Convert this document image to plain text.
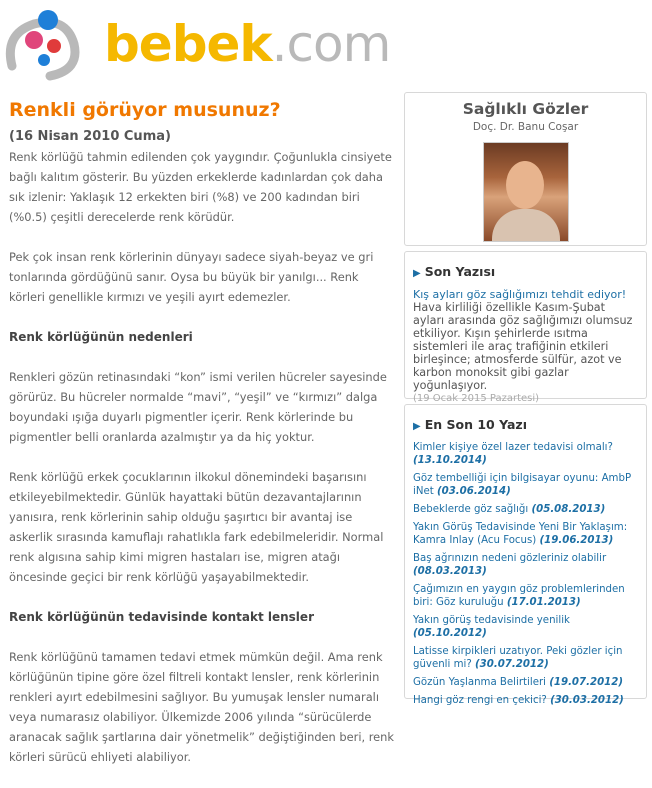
bebek.com
Renkli görüyor musunuz?
(16 Nisan 2010 Cuma)

Renk körlüğü tahmin edilenden çok yaygındır. Çoğunlukla cinsiyete bağlı kalıtım gösterir. Bu yüzden erkeklerde kadınlardan çok daha sık izlenir: Yaklaşık 12 erkekten biri (%8) ve 200 kadından biri (%0.5) çeşitli derecelerde renk körüdür.

Pek çok insan renk körlerinin dünyayı sadece siyah-beyaz ve gri tonlarında gördüğünü sanır. Oysa bu büyük bir yanılgı... Renk körleri genellikle kırmızı ve yeşili ayırt edemezler.

Renk körlüğünün nedenleri

Renkleri gözün retinasındaki “kon” ismi verilen hücreler sayesinde görürüz. Bu hücreler normalde “mavi”, “yeşil” ve “kırmızı” dalga boyundaki ışığa duyarlı pigmentler içerir. Renk körlerinde bu pigmentler belli oranlarda azalmıştır ya da hiç yoktur.

Renk körlüğü erkek çocuklarının ilkokul dönemindeki başarısını etkileyebilmektedir. Günlük hayattaki bütün dezavantajlarının yanısıra, renk körlerinin sahip olduğu şaşırtıcı bir avantaj ise askerlik sırasında kamuflajı rahatlıkla fark edebilmeleridir. Normal renk algısına sahip kimi migren hastaları ise, migren atağı öncesinde geçici bir renk körlüğü yaşayabilmektedir.

Renk körlüğünün tedavisinde kontakt lensler

Renk körlüğünü tamamen tedavi etmek mümkün değil. Ama renk körlüğünün tipine göre özel filtreli kontakt lensler, renk körlerinin renkleri ayırt edebilmesini sağlıyor. Bu yumuşak lensler numaralı veya numarasız olabiliyor. Ülkemizde 2006 yılında “sürücülerde aranacak sağlık şartlarına dair yönetmelik” değiştiğinden beri, renk körleri sürücü ehliyeti alabiliyor.

Sağlıklı Gözler
Doç. Dr. Banu Coşar
▶ Son Yazısı
Kış ayları göz sağlığımızı tehdit ediyor!
Hava kirliliği özellikle Kasım-Şubat ayları arasında göz sağlığımızı olumsuz etkiliyor. Kışın şehirlerde ısıtma sistemleri ile araç trafiğinin etkileri birleşince; atmosferde sülfür, azot ve karbon monoksit gibi gazlar yoğunlaşıyor.
(19 Ocak 2015 Pazartesi)
▶ En Son 10 Yazı
Kimler kişiye özel lazer tedavisi olmalı? (13.10.2014)
Göz tembelliği için bilgisayar oyunu: AmbP iNet (03.06.2014)
Bebeklerde göz sağlığı (05.08.2013)
Yakın Görüş Tedavisinde Yeni Bir Yaklaşım: Kamra Inlay (Acu Focus) (19.06.2013)
Baş ağrınızın nedeni gözleriniz olabilir (08.03.2013)
Çağımızın en yaygın göz problemlerinden biri: Göz kuruluğu (17.01.2013)
Yakın görüş tedavisinde yenilik (05.10.2012)
Latisse kirpikleri uzatıyor. Peki gözler için güvenli mi? (30.07.2012)
Gözün Yaşlanma Belirtileri (19.07.2012)
Hangi göz rengi en çekici? (30.03.2012)
